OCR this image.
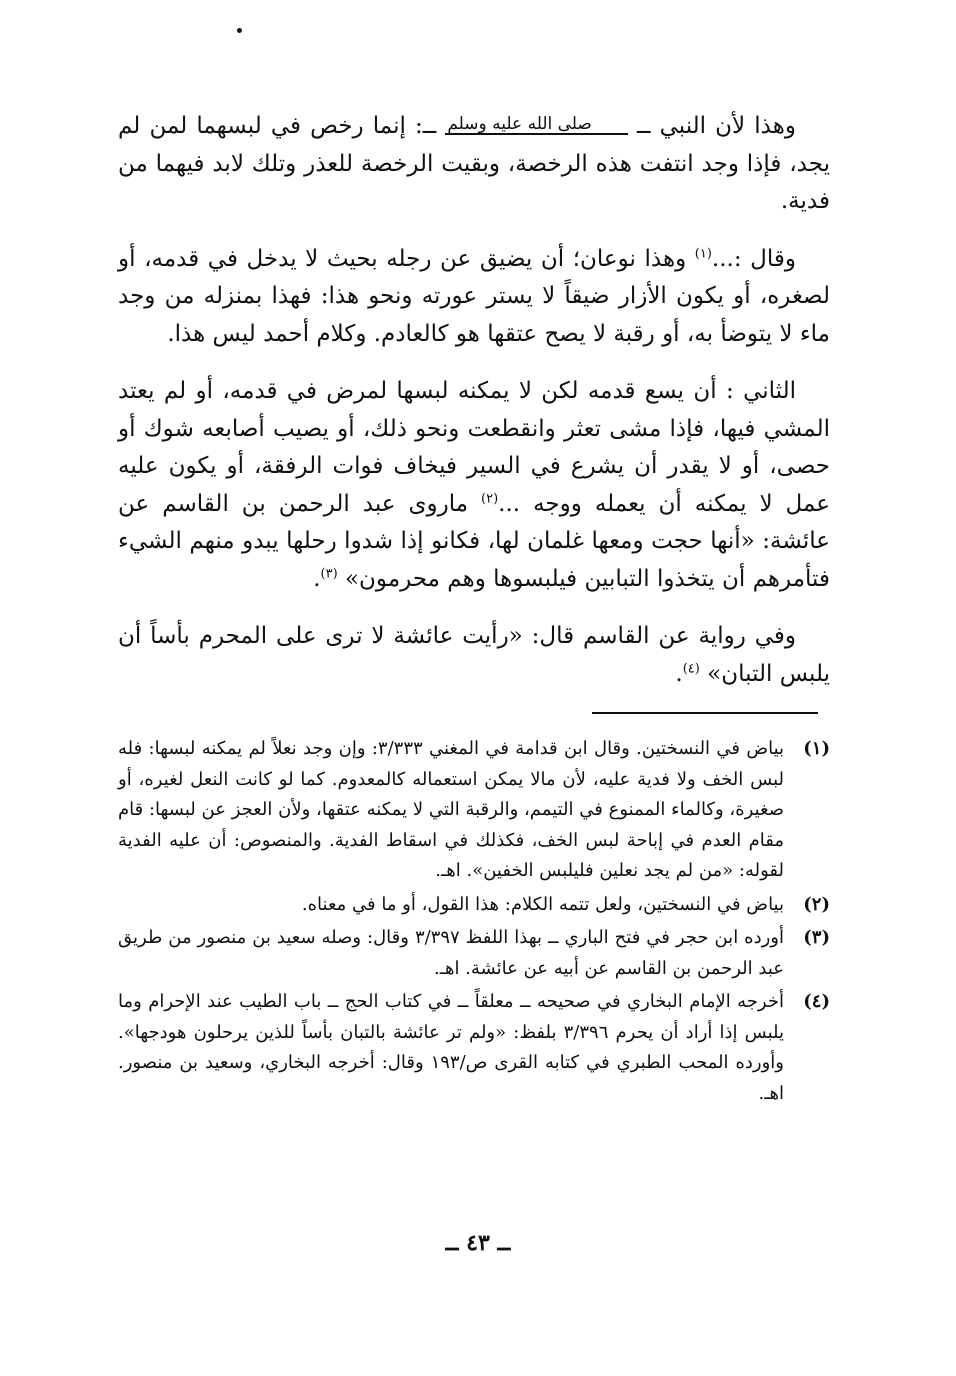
وهذا لأن النبي ــ صلى الله عليه وسلم ــ: إنما رخص في لبسهما لمن لم يجد، فإذا وجد انتفت هذه الرخصة، وبقيت الرخصة للعذر وتلك لابد فيهما من فدية.

وقال :...$^{(١)}$ وهذا نوعان؛ أن يضيق عن رجله بحيث لا يدخل في قدمه، أو لصغره، أو يكون الأزار ضيقاً لا يستر عورته ونحو هذا: فهذا بمنزله من وجد ماء لا يتوضأ به، أو رقبة لا يصح عتقها هو كالعادم. وكلام أحمد ليس هذا.

الثاني : أن يسع قدمه لكن لا يمكنه لبسها لمرض في قدمه، أو لم يعتد المشي فيها، فإذا مشى تعثر وانقطعت ونحو ذلك، أو يصيب أصابعه شوك أو حصى، أو لا يقدر أن يشرع في السير فيخاف فوات الرفقة، أو يكون عليه عمل لا يمكنه أن يعمله ووجه ...$^{(٢)}$ ماروى عبد الرحمن بن القاسم عن عائشة: «أنها حجت ومعها غلمان لها، فكانو إذا شدوا رحلها يبدو منهم الشيء فتأمرهم أن يتخذوا التبابين فيلبسوها وهم محرمون» $^{(٣)}$.

وفي رواية عن القاسم قال: «رأيت عائشة لا ترى على المحرم بأساً أن يلبس التبان» $^{(٤)}$.

(١)
بياض في النسختين. وقال ابن قدامة في المغني ٣/٣٣٣: وإن وجد نعلاً لم يمكنه لبسها: فله لبس الخف ولا فدية عليه، لأن مالا يمكن استعماله كالمعدوم. كما لو كانت النعل لغيره، أو صغيرة، وكالماء الممنوع في التيمم، والرقبة التي لا يمكنه عتقها، ولأن العجز عن لبسها: قام مقام العدم في إباحة لبس الخف، فكذلك في اسقاط الفدية. والمنصوص: أن عليه الفدية لقوله: «من لم يجد نعلين فليلبس الخفين». اهـ.
(٢)
بياض في النسختين، ولعل تتمه الكلام: هذا القول، أو ما في معناه.
(٣)
أورده ابن حجر في فتح الباري ــ بهذا اللفظ ٣/٣٩٧ وقال: وصله سعيد بن منصور من طريق عبد الرحمن بن القاسم عن أبيه عن عائشة. اهـ.
(٤)
أخرجه الإمام البخاري في صحيحه ــ معلقاً ــ في كتاب الحج ــ باب الطيب عند الإحرام وما يلبس إذا أراد أن يحرم ٣/٣٩٦ بلفظ: «ولم تر عائشة بالتبان بأساً للذين يرحلون هودجها». وأورده المحب الطبري في كتابه القرى ص/١٩٣ وقال: أخرجه البخاري، وسعيد بن منصور. اهـ.
ــ ٤٣ ــ
